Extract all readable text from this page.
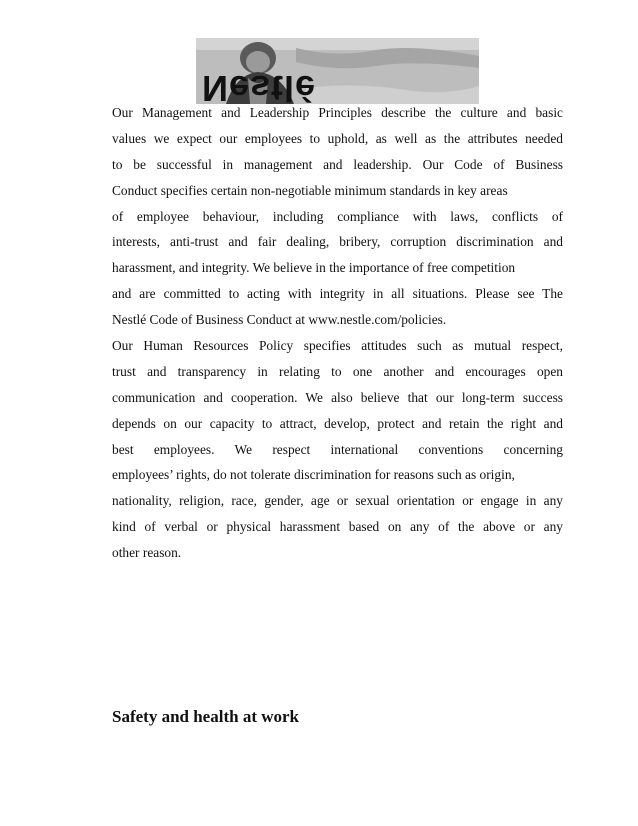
Nestlé
Our Management and Leadership Principles describe the culture and basic
values we expect our employees to uphold, as well as the attributes needed
to be successful in management and leadership. Our Code of Business
Conduct specifies certain non-negotiable minimum standards in key areas
of employee behaviour, including compliance with laws, conflicts of
interests, anti-trust and fair dealing, bribery, corruption discrimination and
harassment, and integrity. We believe in the importance of free competition
and are committed to acting with integrity in all situations. Please see The
Nestlé Code of Business Conduct at www.nestle.com/policies.
Our Human Resources Policy specifies attitudes such as mutual respect,
trust and transparency in relating to one another and encourages open
communication and cooperation. We also believe that our long-term success
depends on our capacity to attract, develop, protect and retain the right and
best employees. We respect international conventions concerning
employees’ rights, do not tolerate discrimination for reasons such as origin,
nationality, religion, race, gender, age or sexual orientation or engage in any
kind of verbal or physical harassment based on any of the above or any
other reason.
Safety and health at work
